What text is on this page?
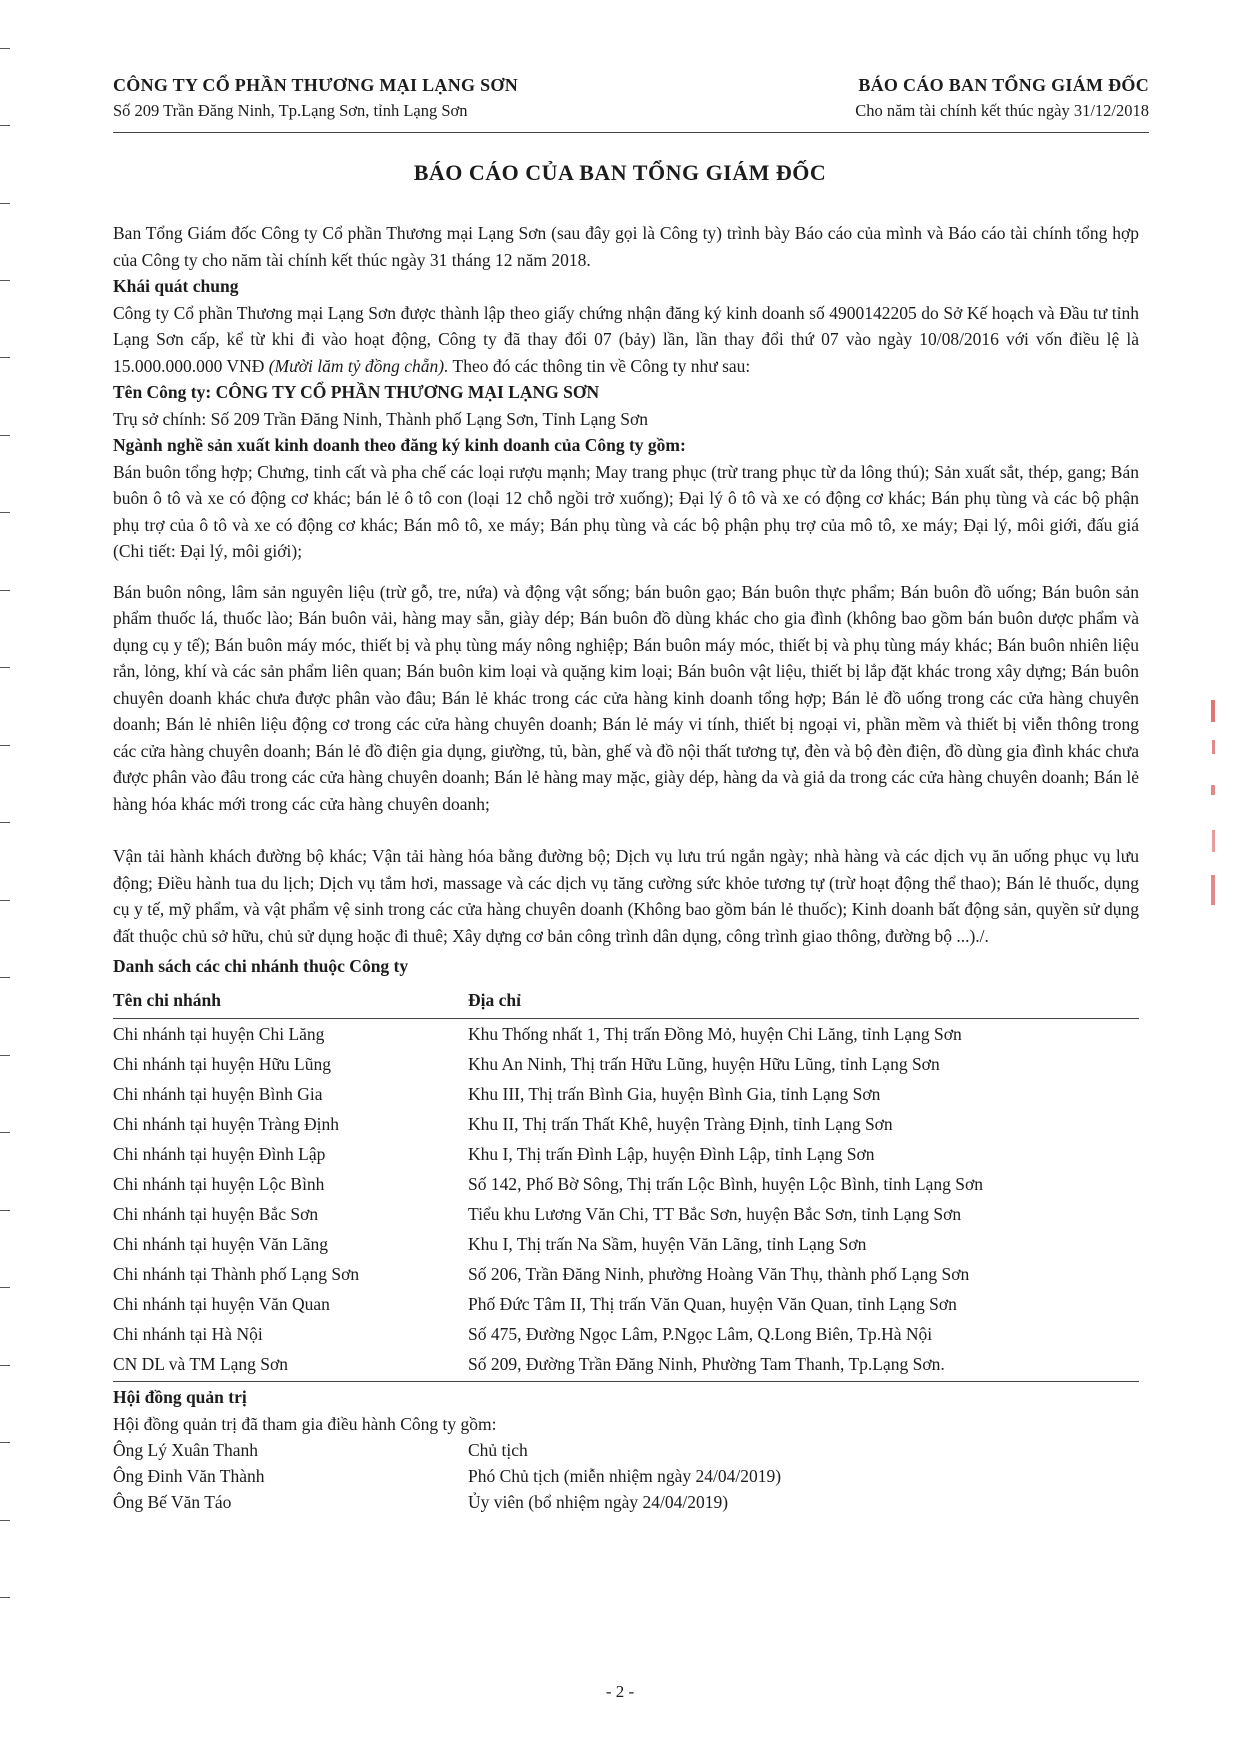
CÔNG TY CỔ PHẦN THƯƠNG MẠI LẠNG SƠN
Số 209 Trần Đăng Ninh, Tp.Lạng Sơn, tỉnh Lạng Sơn
BÁO CÁO BAN TỔNG GIÁM ĐỐC
Cho năm tài chính kết thúc ngày 31/12/2018
BÁO CÁO CỦA BAN TỔNG GIÁM ĐỐC

Ban Tổng Giám đốc Công ty Cổ phần Thương mại Lạng Sơn (sau đây gọi là Công ty) trình bày Báo cáo của mình và Báo cáo tài chính tổng hợp của Công ty cho năm tài chính kết thúc ngày 31 tháng 12 năm 2018.

Khái quát chung

Công ty Cổ phần Thương mại Lạng Sơn được thành lập theo giấy chứng nhận đăng ký kinh doanh số 4900142205 do Sở Kế hoạch và Đầu tư tỉnh Lạng Sơn cấp, kể từ khi đi vào hoạt động, Công ty đã thay đổi 07 (bảy) lần, lần thay đổi thứ 07 vào ngày 10/08/2016 với vốn điều lệ là 15.000.000.000 VNĐ (Mười lăm tỷ đồng chẵn). Theo đó các thông tin về Công ty như sau:

Tên Công ty: CÔNG TY CỔ PHẦN THƯƠNG MẠI LẠNG SƠN

Trụ sở chính: Số 209 Trần Đăng Ninh, Thành phố Lạng Sơn, Tỉnh Lạng Sơn

Ngành nghề sản xuất kinh doanh theo đăng ký kinh doanh của Công ty gồm:

Bán buôn tổng hợp; Chưng, tinh cất và pha chế các loại rượu mạnh; May trang phục (trừ trang phục từ da lông thú); Sản xuất sắt, thép, gang; Bán buôn ô tô và xe có động cơ khác; bán lẻ ô tô con (loại 12 chỗ ngồi trở xuống); Đại lý ô tô và xe có động cơ khác; Bán phụ tùng và các bộ phận phụ trợ của ô tô và xe có động cơ khác; Bán mô tô, xe máy; Bán phụ tùng và các bộ phận phụ trợ của mô tô, xe máy; Đại lý, môi giới, đấu giá (Chi tiết: Đại lý, môi giới);

Bán buôn nông, lâm sản nguyên liệu (trừ gỗ, tre, nứa) và động vật sống; bán buôn gạo; Bán buôn thực phẩm; Bán buôn đồ uống; Bán buôn sản phẩm thuốc lá, thuốc lào; Bán buôn vải, hàng may sẵn, giày dép; Bán buôn đồ dùng khác cho gia đình (không bao gồm bán buôn dược phẩm và dụng cụ y tế); Bán buôn máy móc, thiết bị và phụ tùng máy nông nghiệp; Bán buôn máy móc, thiết bị và phụ tùng máy khác; Bán buôn nhiên liệu rắn, lỏng, khí và các sản phẩm liên quan; Bán buôn kim loại và quặng kim loại; Bán buôn vật liệu, thiết bị lắp đặt khác trong xây dựng; Bán buôn chuyên doanh khác chưa được phân vào đâu; Bán lẻ khác trong các cửa hàng kinh doanh tổng hợp; Bán lẻ đồ uống trong các cửa hàng chuyên doanh; Bán lẻ nhiên liệu động cơ trong các cửa hàng chuyên doanh; Bán lẻ máy vi tính, thiết bị ngoại vi, phần mềm và thiết bị viễn thông trong các cửa hàng chuyên doanh; Bán lẻ đồ điện gia dụng, giường, tủ, bàn, ghế và đồ nội thất tương tự, đèn và bộ đèn điện, đồ dùng gia đình khác chưa được phân vào đâu trong các cửa hàng chuyên doanh; Bán lẻ hàng may mặc, giày dép, hàng da và giả da trong các cửa hàng chuyên doanh; Bán lẻ hàng hóa khác mới trong các cửa hàng chuyên doanh;

Vận tải hành khách đường bộ khác; Vận tải hàng hóa bằng đường bộ; Dịch vụ lưu trú ngắn ngày; nhà hàng và các dịch vụ ăn uống phục vụ lưu động; Điều hành tua du lịch; Dịch vụ tắm hơi, massage và các dịch vụ tăng cường sức khỏe tương tự (trừ hoạt động thể thao); Bán lẻ thuốc, dụng cụ y tế, mỹ phẩm, và vật phẩm vệ sinh trong các cửa hàng chuyên doanh (Không bao gồm bán lẻ thuốc); Kinh doanh bất động sản, quyền sử dụng đất thuộc chủ sở hữu, chủ sử dụng hoặc đi thuê; Xây dựng cơ bản công trình dân dụng, công trình giao thông, đường bộ ...)./.

Danh sách các chi nhánh thuộc Công ty

Tên chi nhánh	Địa chỉ
Chi nhánh tại huyện Chi Lăng	Khu Thống nhất 1, Thị trấn Đồng Mỏ, huyện Chi Lăng, tỉnh Lạng Sơn
Chi nhánh tại huyện Hữu Lũng	Khu An Ninh, Thị trấn Hữu Lũng, huyện Hữu Lũng, tỉnh Lạng Sơn
Chi nhánh tại huyện Bình Gia	Khu III, Thị trấn Bình Gia, huyện Bình Gia, tỉnh Lạng Sơn
Chi nhánh tại huyện Tràng Định	Khu II, Thị trấn Thất Khê, huyện Tràng Định, tỉnh Lạng Sơn
Chi nhánh tại huyện Đình Lập	Khu I, Thị trấn Đình Lập, huyện Đình Lập, tỉnh Lạng Sơn
Chi nhánh tại huyện Lộc Bình	Số 142, Phố Bờ Sông, Thị trấn Lộc Bình, huyện Lộc Bình, tỉnh Lạng Sơn
Chi nhánh tại huyện Bắc Sơn	Tiểu khu Lương Văn Chi, TT Bắc Sơn, huyện Bắc Sơn, tỉnh Lạng Sơn
Chi nhánh tại huyện Văn Lãng	Khu I, Thị trấn Na Sầm, huyện Văn Lãng, tỉnh Lạng Sơn
Chi nhánh tại Thành phố Lạng Sơn	Số 206, Trần Đăng Ninh, phường Hoàng Văn Thụ, thành phố Lạng Sơn
Chi nhánh tại huyện Văn Quan	Phố Đức Tâm II, Thị trấn Văn Quan, huyện Văn Quan, tỉnh Lạng Sơn
Chi nhánh tại Hà Nội	Số 475, Đường Ngọc Lâm, P.Ngọc Lâm, Q.Long Biên, Tp.Hà Nội
CN DL và TM Lạng Sơn	Số 209, Đường Trần Đăng Ninh, Phường Tam Thanh, Tp.Lạng Sơn.

Hội đồng quản trị

Hội đồng quản trị đã tham gia điều hành Công ty gồm:

Ông Lý Xuân Thanh	Chủ tịch
Ông Đinh Văn Thành	Phó Chủ tịch (miễn nhiệm ngày 24/04/2019)
Ông Bế Văn Táo	Ủy viên (bổ nhiệm ngày 24/04/2019)
- 2 -
